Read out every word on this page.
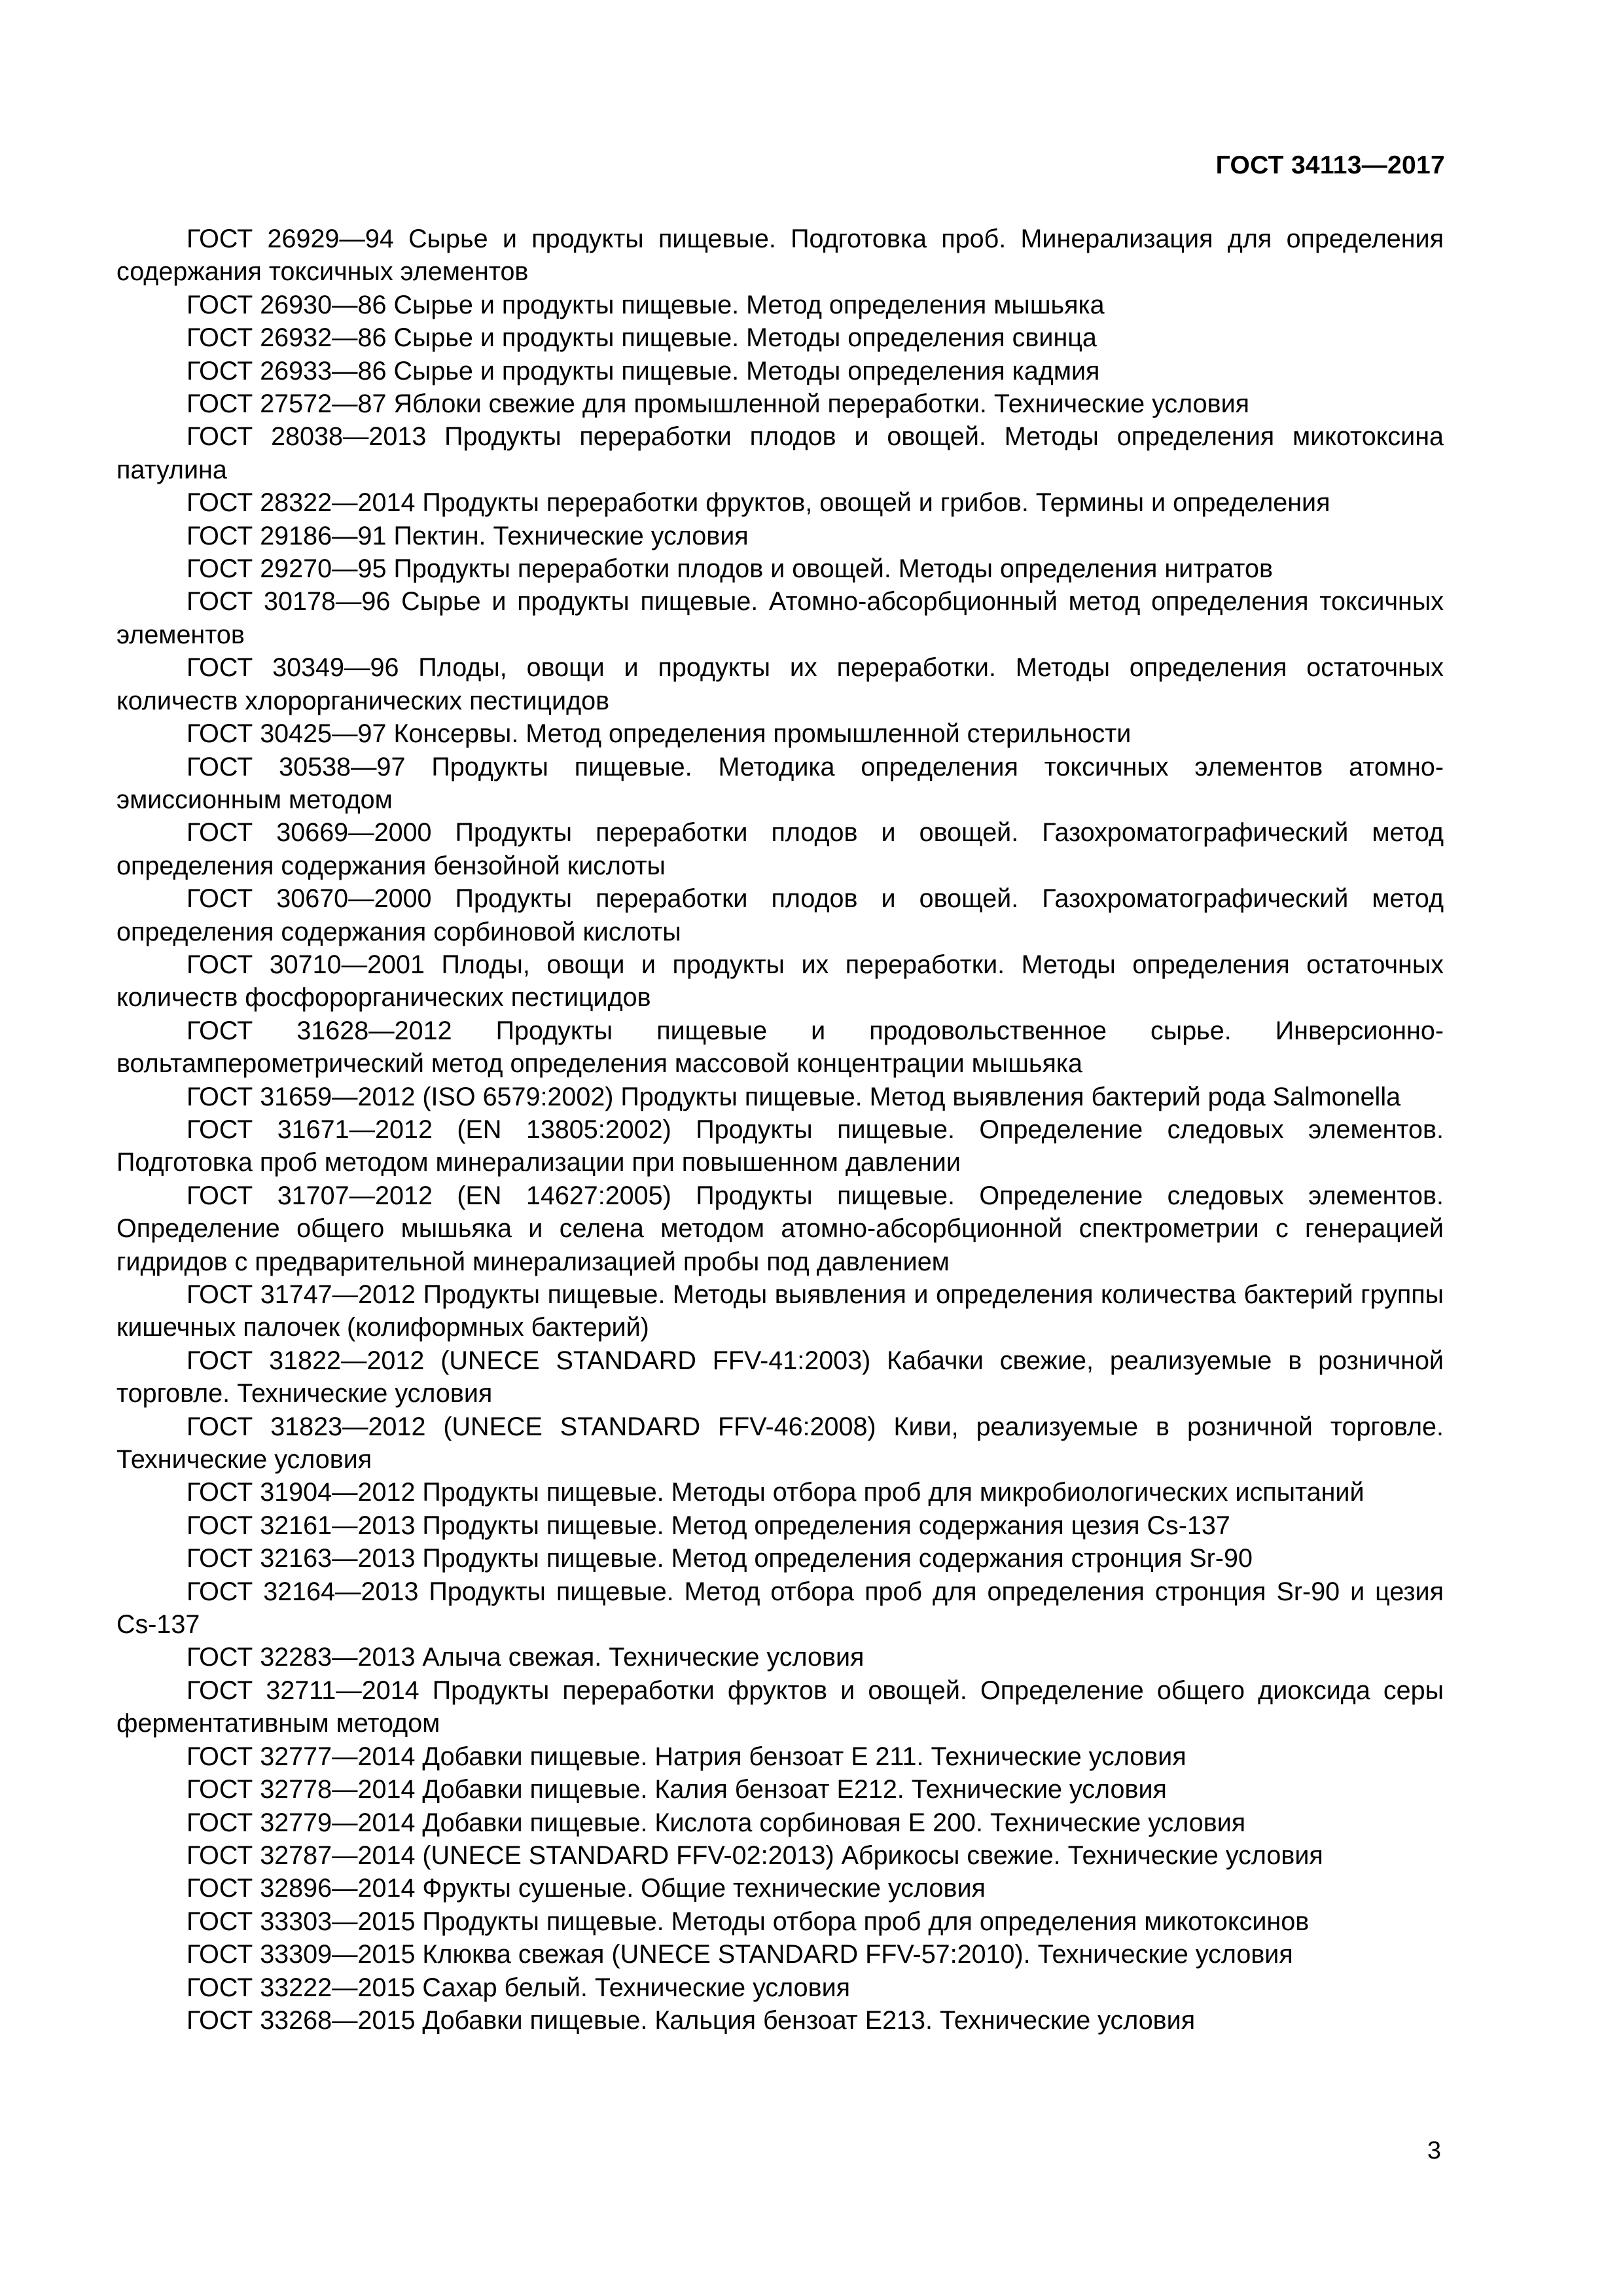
ГОСТ 34113—2017

ГОСТ 26929—94 Сырье и продукты пищевые. Подготовка проб. Минерализация для определения содержания токсичных элементов

ГОСТ 26930—86 Сырье и продукты пищевые. Метод определения мышьяка

ГОСТ 26932—86 Сырье и продукты пищевые. Методы определения свинца

ГОСТ 26933—86 Сырье и продукты пищевые. Методы определения кадмия

ГОСТ 27572—87 Яблоки свежие для промышленной переработки. Технические условия

ГОСТ 28038—2013 Продукты переработки плодов и овощей. Методы определения микотоксина патулина

ГОСТ 28322—2014 Продукты переработки фруктов, овощей и грибов. Термины и определения

ГОСТ 29186—91 Пектин. Технические условия

ГОСТ 29270—95 Продукты переработки плодов и овощей. Методы определения нитратов

ГОСТ 30178—96 Сырье и продукты пищевые. Атомно-абсорбционный метод определения токсичных элементов

ГОСТ 30349—96 Плоды, овощи и продукты их переработки. Методы определения остаточных количеств хлорорганических пестицидов

ГОСТ 30425—97 Консервы. Метод определения промышленной стерильности

ГОСТ 30538—97 Продукты пищевые. Методика определения токсичных элементов атомно-эмиссионным методом

ГОСТ 30669—2000 Продукты переработки плодов и овощей. Газохроматографический метод определения содержания бензойной кислоты

ГОСТ 30670—2000 Продукты переработки плодов и овощей. Газохроматографический метод определения содержания сорбиновой кислоты

ГОСТ 30710—2001 Плоды, овощи и продукты их переработки. Методы определения остаточных количеств фосфорорганических пестицидов

ГОСТ 31628—2012 Продукты пищевые и продовольственное сырье. Инверсионно-вольтамперометрический метод определения массовой концентрации мышьяка

ГОСТ 31659—2012 (ISO 6579:2002) Продукты пищевые. Метод выявления бактерий рода Salmonella

ГОСТ 31671—2012 (EN 13805:2002) Продукты пищевые. Определение следовых элементов. Подготовка проб методом минерализации при повышенном давлении

ГОСТ 31707—2012 (EN 14627:2005) Продукты пищевые. Определение следовых элементов. Определение общего мышьяка и селена методом атомно-абсорбционной спектрометрии с генерацией гидридов с предварительной минерализацией пробы под давлением

ГОСТ 31747—2012 Продукты пищевые. Методы выявления и определения количества бактерий группы кишечных палочек (колиформных бактерий)

ГОСТ 31822—2012 (UNECE STANDARD FFV-41:2003) Кабачки свежие, реализуемые в розничной торговле. Технические условия

ГОСТ 31823—2012 (UNECE STANDARD FFV-46:2008) Киви, реализуемые в розничной торговле. Технические условия

ГОСТ 31904—2012 Продукты пищевые. Методы отбора проб для микробиологических испытаний

ГОСТ 32161—2013 Продукты пищевые. Метод определения содержания цезия Cs-137

ГОСТ 32163—2013 Продукты пищевые. Метод определения содержания стронция Sr-90

ГОСТ 32164—2013 Продукты пищевые. Метод отбора проб для определения стронция Sr-90 и цезия Cs-137

ГОСТ 32283—2013 Алыча свежая. Технические условия

ГОСТ 32711—2014 Продукты переработки фруктов и овощей. Определение общего диоксида серы ферментативным методом

ГОСТ 32777—2014 Добавки пищевые. Натрия бензоат Е 211. Технические условия

ГОСТ 32778—2014 Добавки пищевые. Калия бензоат Е212. Технические условия

ГОСТ 32779—2014 Добавки пищевые. Кислота сорбиновая Е 200. Технические условия

ГОСТ 32787—2014 (UNECE STANDARD FFV-02:2013) Абрикосы свежие. Технические условия

ГОСТ 32896—2014 Фрукты сушеные. Общие технические условия

ГОСТ 33303—2015 Продукты пищевые. Методы отбора проб для определения микотоксинов

ГОСТ 33309—2015 Клюква свежая (UNECE STANDARD FFV-57:2010). Технические условия

ГОСТ 33222—2015 Сахар белый. Технические условия

ГОСТ 33268—2015 Добавки пищевые. Кальция бензоат Е213. Технические условия

3
